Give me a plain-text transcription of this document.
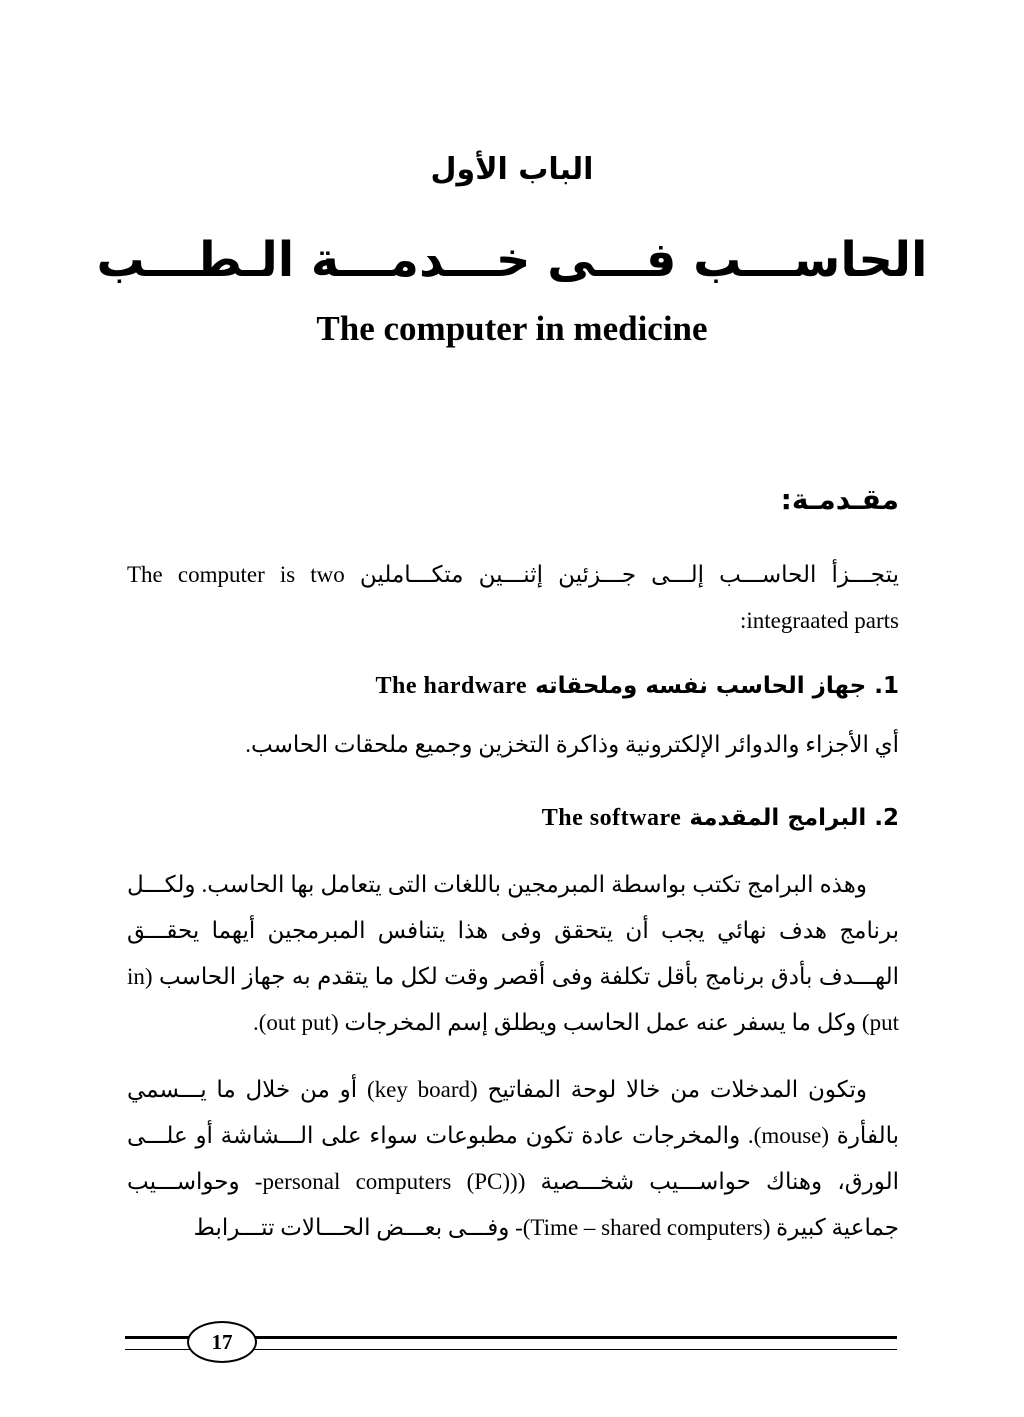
الباب الأول
الحاســـب فـــى خـــدمـــة الـطـــب
The computer in medicine
مقـدمـة:
يتجـــزأ الحاســـب إلـــى جـــزئين إثنـــين متكـــاملين The computer is two integraated parts:
1. جهاز الحاسب نفسه وملحقاته The hardware
أي الأجزاء والدوائر الإلكترونية وذاكرة التخزين وجميع ملحقات الحاسب.
2. البرامج المقدمة The software
وهذه البرامج تكتب بواسطة المبرمجين باللغات التى يتعامل بها الحاسب. ولكـــل برنامج هدف نهائي يجب أن يتحقق وفى هذا يتنافس المبرمجين أيهما يحقـــق الهـــدف بأدق برنامج بأقل تكلفة وفى أقصر وقت لكل ما يتقدم به جهاز الحاسب (in put) وكل ما يسفر عنه عمل الحاسب ويطلق إسم المخرجات (out put).
وتكون المدخلات من خالا لوحة المفاتيح (key board) أو من خلال ما يـــسمي بالفأرة (mouse). والمخرجات عادة تكون مطبوعات سواء على الـــشاشة أو علـــى الورق، وهناك حواســـيب شخـــصية ((personal computers (PC)- وحواســـيب جماعية كبيرة (Time – shared computers)- وفـــى بعـــض الحـــالات تتـــرابط
17
